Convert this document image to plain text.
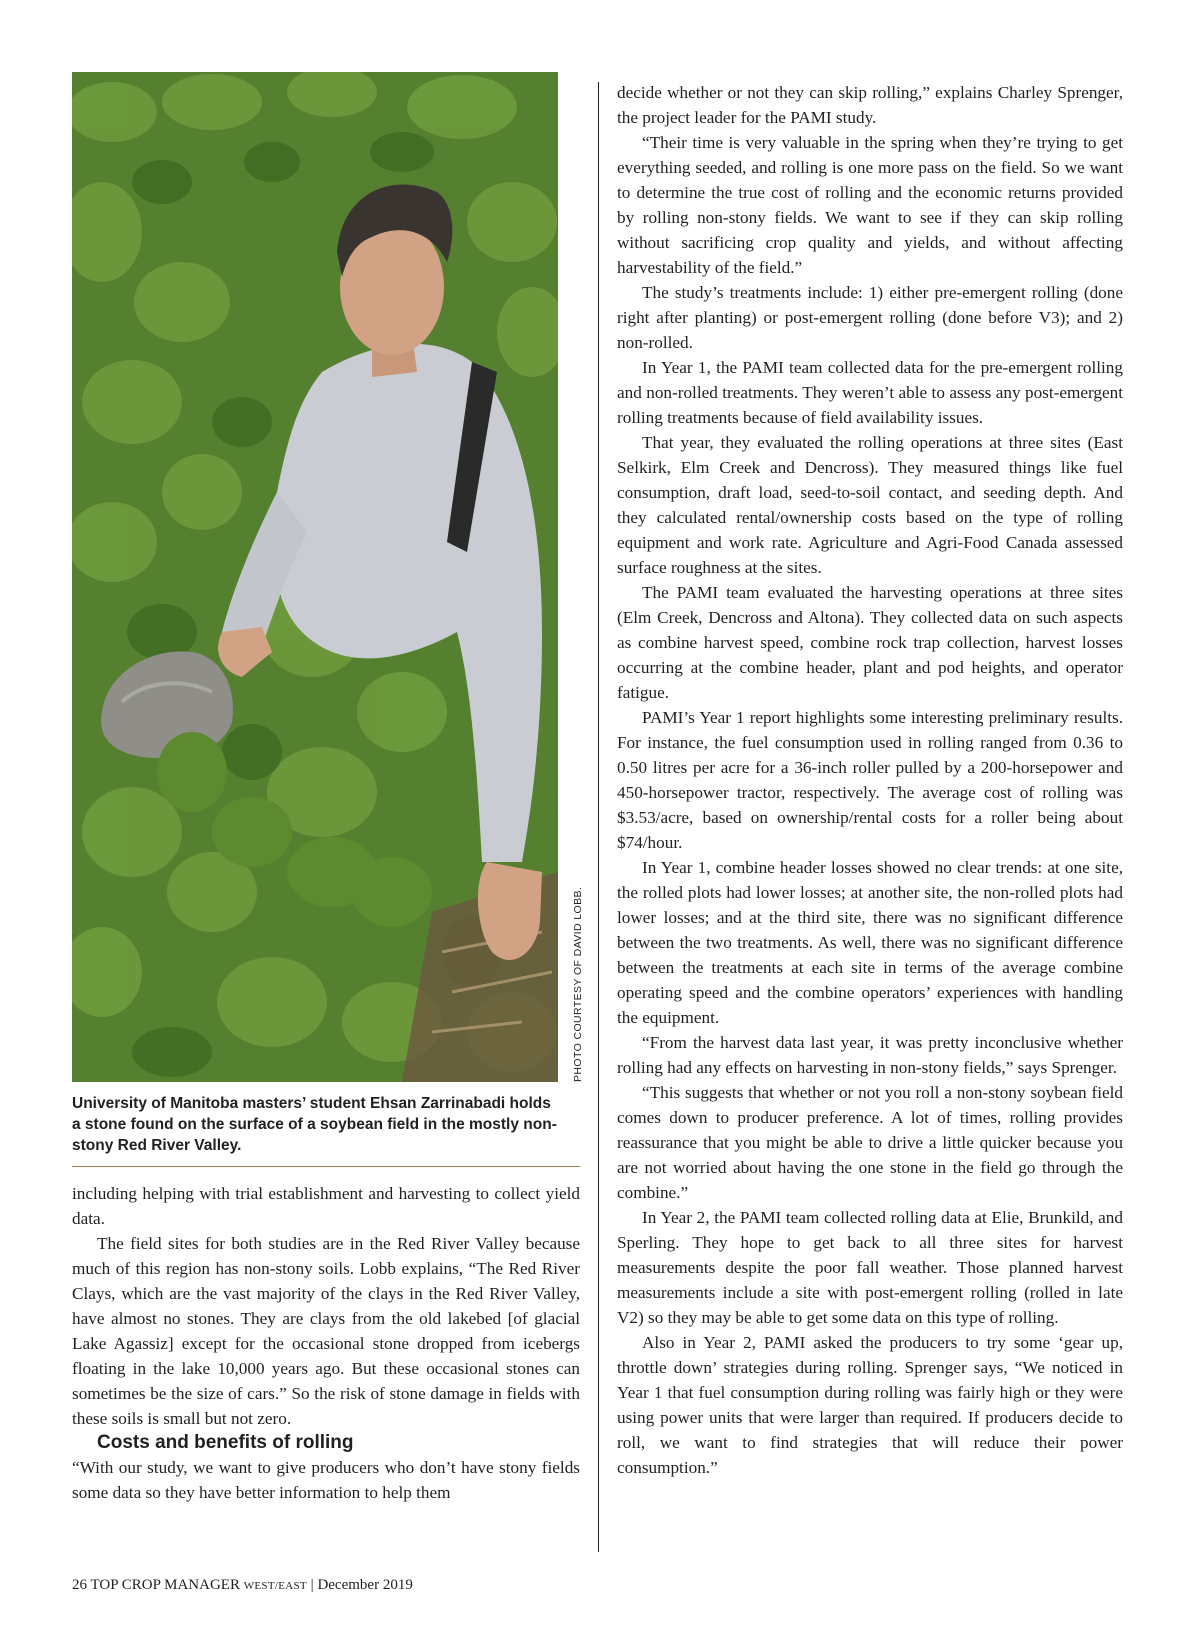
PHOTO COURTESY OF DAVID LOBB.

University of Manitoba masters’ student Ehsan Zarrinabadi holds a stone found on the surface of a soybean field in the mostly non-stony Red River Valley.

including helping with trial establishment and harvesting to collect yield data.

The field sites for both studies are in the Red River Valley because much of this region has non-stony soils. Lobb explains, “The Red River Clays, which are the vast majority of the clays in the Red River Valley, have almost no stones. They are clays from the old lakebed [of glacial Lake Agassiz] except for the occasional stone dropped from icebergs floating in the lake 10,000 years ago. But these occasional stones can sometimes be the size of cars.” So the risk of stone damage in fields with these soils is small but not zero.

Costs and benefits of rolling

“With our study, we want to give producers who don’t have stony fields some data so they have better information to help them

decide whether or not they can skip rolling,” explains Charley Sprenger, the project leader for the PAMI study.

“Their time is very valuable in the spring when they’re trying to get everything seeded, and rolling is one more pass on the field. So we want to determine the true cost of rolling and the economic returns provided by rolling non-stony fields. We want to see if they can skip rolling without sacrificing crop quality and yields, and without affecting harvestability of the field.”

The study’s treatments include: 1) either pre-emergent rolling (done right after planting) or post-emergent rolling (done before V3); and 2) non-rolled.

In Year 1, the PAMI team collected data for the pre-emergent rolling and non-rolled treatments. They weren’t able to assess any post-emergent rolling treatments because of field availability issues.

That year, they evaluated the rolling operations at three sites (East Selkirk, Elm Creek and Dencross). They measured things like fuel consumption, draft load, seed-to-soil contact, and seeding depth. And they calculated rental/ownership costs based on the type of rolling equipment and work rate. Agriculture and Agri-Food Canada assessed surface roughness at the sites.

The PAMI team evaluated the harvesting operations at three sites (Elm Creek, Dencross and Altona). They collected data on such aspects as combine harvest speed, combine rock trap collection, harvest losses occurring at the combine header, plant and pod heights, and operator fatigue.

PAMI’s Year 1 report highlights some interesting preliminary results. For instance, the fuel consumption used in rolling ranged from 0.36 to 0.50 litres per acre for a 36-inch roller pulled by a 200-horsepower and 450-horsepower tractor, respectively. The average cost of rolling was $3.53/acre, based on ownership/rental costs for a roller being about $74/hour.

In Year 1, combine header losses showed no clear trends: at one site, the rolled plots had lower losses; at another site, the non-rolled plots had lower losses; and at the third site, there was no significant difference between the two treatments. As well, there was no significant difference between the treatments at each site in terms of the average combine operating speed and the combine operators’ experiences with handling the equipment.

“From the harvest data last year, it was pretty inconclusive whether rolling had any effects on harvesting in non-stony fields,” says Sprenger.

“This suggests that whether or not you roll a non-stony soybean field comes down to producer preference. A lot of times, rolling provides reassurance that you might be able to drive a little quicker because you are not worried about having the one stone in the field go through the combine.”

In Year 2, the PAMI team collected rolling data at Elie, Brunkild, and Sperling. They hope to get back to all three sites for harvest measurements despite the poor fall weather. Those planned harvest measurements include a site with post-emergent rolling (rolled in late V2) so they may be able to get some data on this type of rolling.

Also in Year 2, PAMI asked the producers to try some ‘gear up, throttle down’ strategies during rolling. Sprenger says, “We noticed in Year 1 that fuel consumption during rolling was fairly high or they were using power units that were larger than required. If producers decide to roll, we want to find strategies that will reduce their power consumption.”

26 TOP CROP MANAGER WEST/EAST | December 2019
